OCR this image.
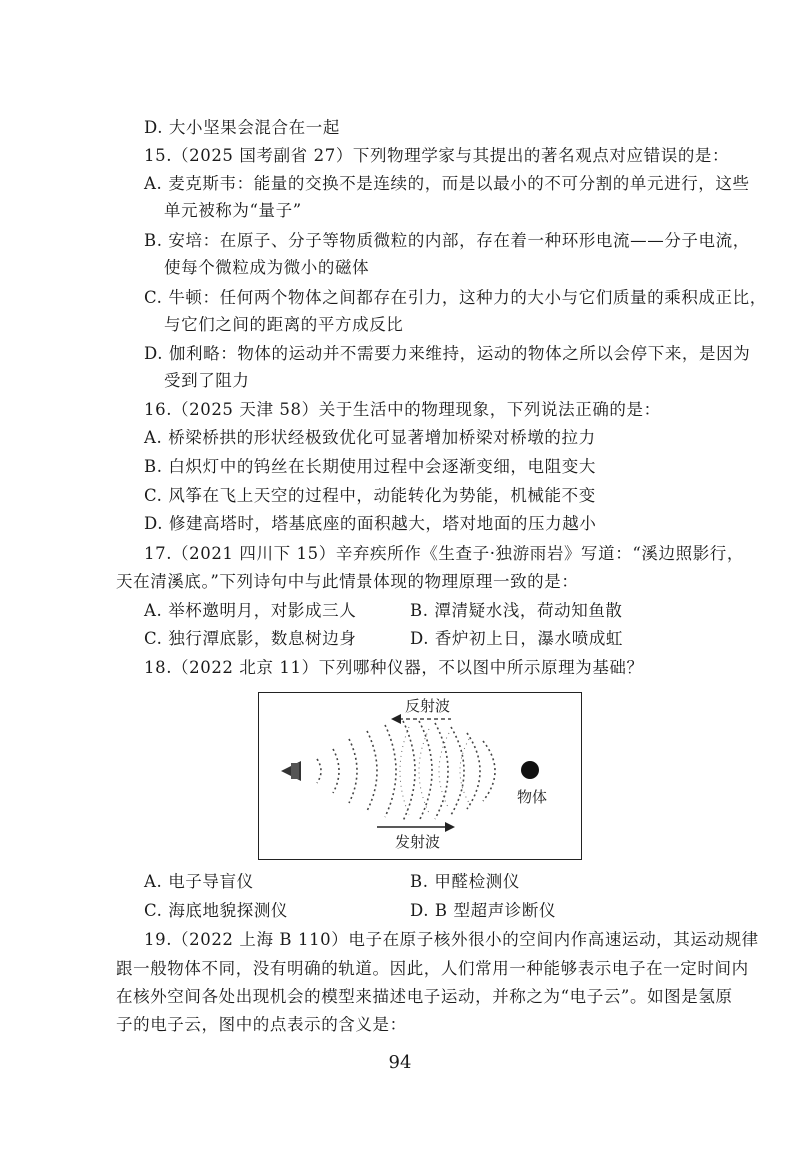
D. 大小坚果会混合在一起
15.（2025 国考副省 27）下列物理学家与其提出的著名观点对应错误的是：
A. 麦克斯韦：能量的交换不是连续的，而是以最小的不可分割的单元进行，这些
单元被称为“量子”
B. 安培：在原子、分子等物质微粒的内部，存在着一种环形电流——分子电流，
使每个微粒成为微小的磁体
C. 牛顿：任何两个物体之间都存在引力，这种力的大小与它们质量的乘积成正比，
与它们之间的距离的平方成反比
D. 伽利略：物体的运动并不需要力来维持，运动的物体之所以会停下来，是因为
受到了阻力
16.（2025 天津 58）关于生活中的物理现象，下列说法正确的是：
A. 桥梁桥拱的形状经极致优化可显著增加桥梁对桥墩的拉力
B. 白炽灯中的钨丝在长期使用过程中会逐渐变细，电阻变大
C. 风筝在飞上天空的过程中，动能转化为势能，机械能不变
D. 修建高塔时，塔基底座的面积越大，塔对地面的压力越小
17.（2021 四川下 15）辛弃疾所作《生查子·独游雨岩》写道：“溪边照影行，
天在清溪底。”下列诗句中与此情景体现的物理原理一致的是：
A. 举杯邀明月，对影成三人	B. 潭清疑水浅，荷动知鱼散
C. 独行潭底影，数息树边身	D. 香炉初上日，瀑水喷成虹
18.（2022 北京 11）下列哪种仪器，不以图中所示原理为基础？
反射波
物体
发射波
A. 电子导盲仪	B. 甲醛检测仪
C. 海底地貌探测仪	D. B 型超声诊断仪
19.（2022 上海 B 110）电子在原子核外很小的空间内作高速运动，其运动规律
跟一般物体不同，没有明确的轨道。因此，人们常用一种能够表示电子在一定时间内
在核外空间各处出现机会的模型来描述电子运动，并称之为“电子云”。如图是氢原
子的电子云，图中的点表示的含义是：
94
